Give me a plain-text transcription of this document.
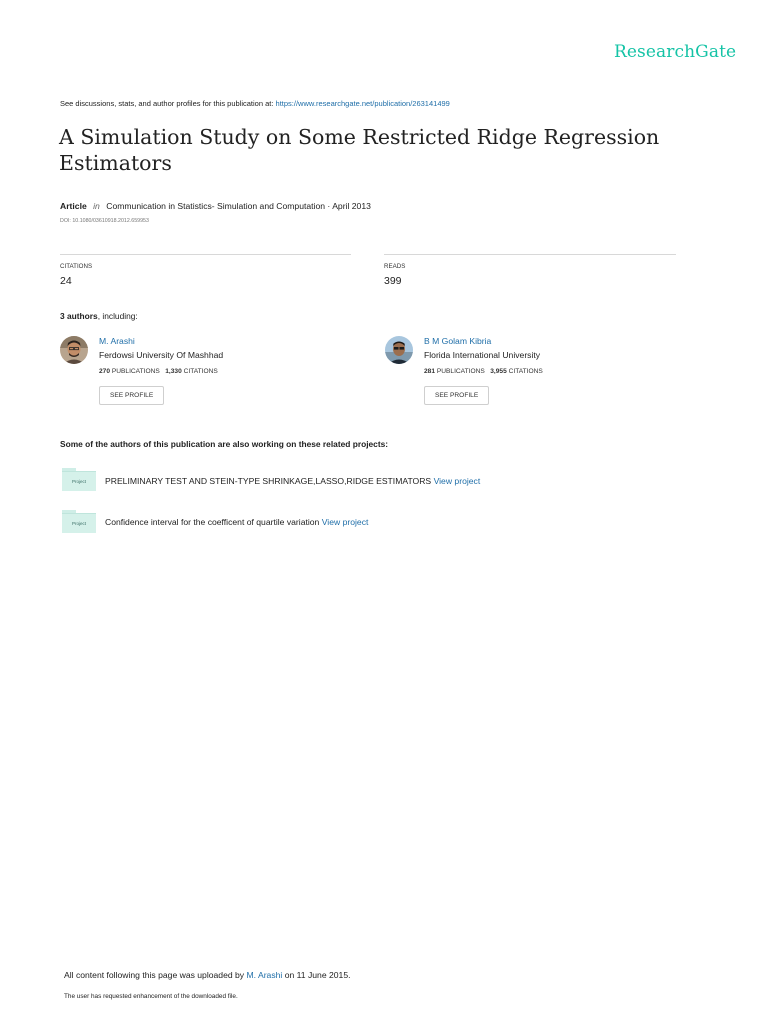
ResearchGate
See discussions, stats, and author profiles for this publication at: https://www.researchgate.net/publication/263141499
A Simulation Study on Some Restricted Ridge Regression Estimators
Article in Communication in Statistics- Simulation and Computation · April 2013
DOI: 10.1080/03610918.2012.659953
CITATIONS
24
READS
399
3 authors, including:
M. Arashi
Ferdowsi University Of Mashhad
270 PUBLICATIONS 1,330 CITATIONS
SEE PROFILE
B M Golam Kibria
Florida International University
281 PUBLICATIONS 3,955 CITATIONS
SEE PROFILE
Some of the authors of this publication are also working on these related projects:
Project	PRELIMINARY TEST AND STEIN-TYPE SHRINKAGE,LASSO,RIDGE ESTIMATORS View project
Project	Confidence interval for the coefficent of quartile variation View project
All content following this page was uploaded by M. Arashi on 11 June 2015.
The user has requested enhancement of the downloaded file.
